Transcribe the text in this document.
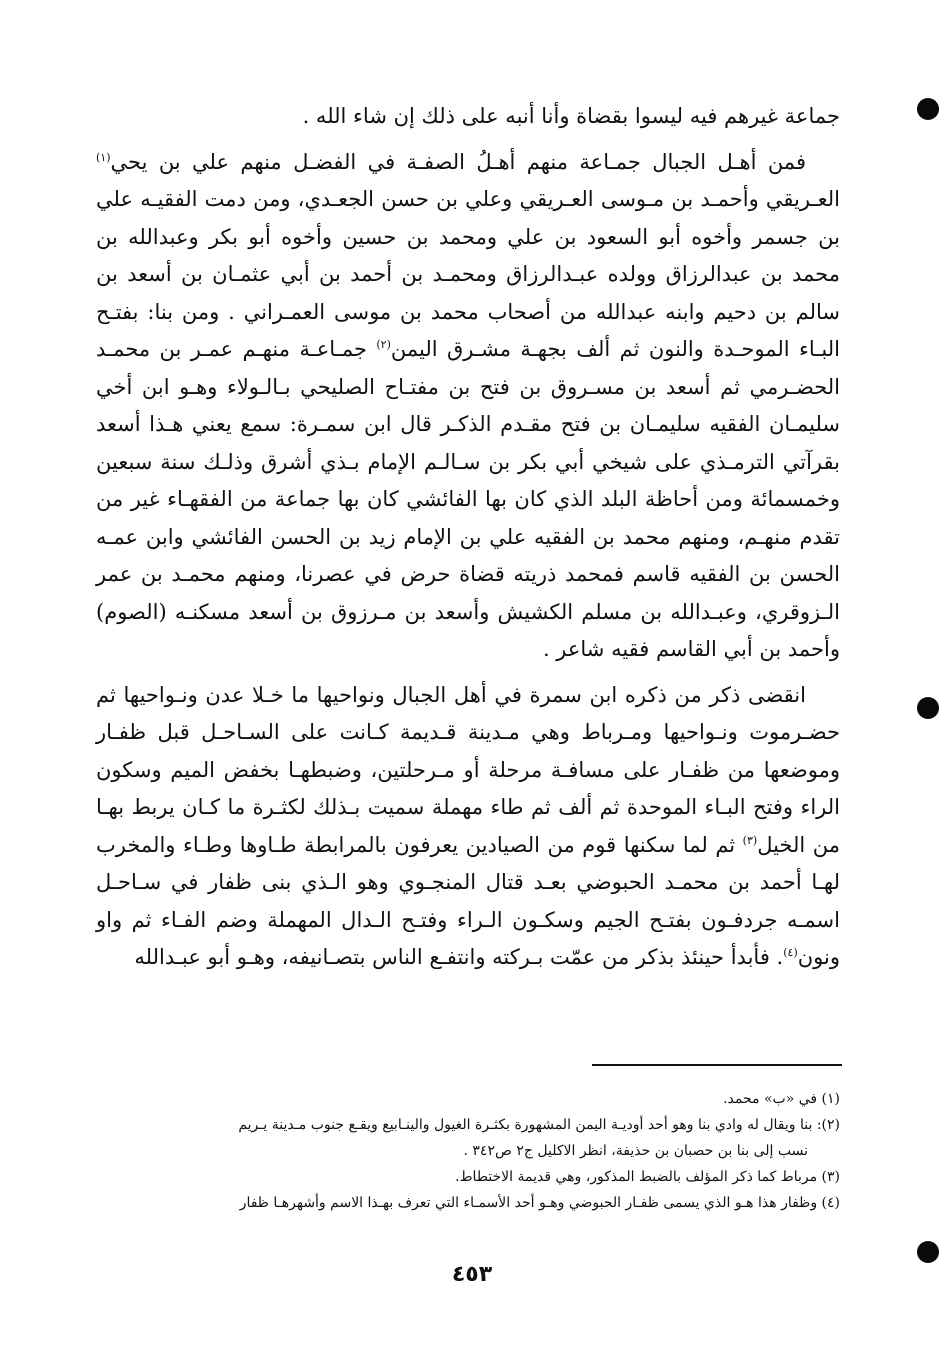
جماعة غيرهم فيه ليسوا بقضاة وأنا أنبه على ذلك إن شاء الله .

فمن أهـل الجبال جمـاعة منهم أهـلُ الصفـة في الفضـل منهم علي بن يحي$^{(١)}$ العـريقي وأحمـد بن مـوسى العـريقي وعلي بن حسن الجعـدي، ومن دمت الفقيـه علي بن جسمر وأخوه أبو السعود بن علي ومحمد بن حسين وأخوه أبو بكر وعبدالله بن محمد بن عبدالرزاق وولده عبـدالرزاق ومحمـد بن أحمد بن أبي عثمـان بن أسعد بن سالم بن دحيم وابنه عبدالله من أصحاب محمد بن موسى العمـراني . ومن بنا: بفتـح البـاء الموحـدة والنون ثم ألف بجهـة مشـرق اليمن$^{(٢)}$ جمـاعـة منهـم عمـر بن محمـد الحضـرمي ثم أسعد بن مسـروق بن فتح بن مفتـاح الصليحي بـالـولاء وهـو ابن أخي سليمـان الفقيه سليمـان بن فتح مقـدم الذكـر قال ابن سمـرة: سمع يعني هـذا أسعد بقرآتي الترمـذي على شيخي أبي بكر بن سـالـم الإمام بـذي أشرق وذلـك سنة سبعين وخمسمائة ومن أحاظة البلد الذي كان بها الفائشي كان بها جماعة من الفقهـاء غير من تقدم منهـم، ومنهم محمد بن الفقيه علي بن الإمام زيد بن الحسن الفائشي وابن عمـه الحسن بن الفقيه قاسم فمحمد ذريته قضاة حرض في عصرنا، ومنهم محمـد بن عمر الـزوقري، وعبـدالله بن مسلم الكشيش وأسعد بن مـرزوق بن أسعد مسكنـه (الصوم) وأحمد بن أبي القاسم فقيه شاعر .

انقضى ذكر من ذكره ابن سمرة في أهل الجبال ونواحيها ما خـلا عدن ونـواحيها ثم حضـرموت ونـواحيها ومـرباط وهي مـدينة قـديمة كـانت على السـاحـل قبل ظفـار وموضعها من ظفـار على مسافـة مرحلة أو مـرحلتين، وضبطهـا بخفض الميم وسكون الراء وفتح البـاء الموحدة ثم ألف ثم طاء مهملة سميت بـذلك لكثـرة ما كـان يربط بهـا من الخيل$^{(٣)}$ ثم لما سكنها قوم من الصيادين يعرفون بالمرابطة طـاوها وطـاء والمخرب لهـا أحمد بن محمـد الحبوضي بعـد قتال المنجـوي وهو الـذي بنى ظفار في سـاحـل اسمـه جردفـون بفتـح الجيم وسكـون الـراء وفتـح الـدال المهملة وضم الفـاء ثم واو ونون$^{(٤)}$. فأبدأ حينئذ بذكر من عمّت بـركته وانتفـع الناس بتصـانيفه، وهـو أبو عبـدالله

(١) في «ب» محمد.

(٢): بنا ويقال له وادي بنا وهو أحد أوديـة اليمن المشهورة بكثـرة الغيول والينـابيع ويقـع جنوب مـدينة يـريم

نسب إلى بنا بن حصبان بن حذيفة، انظر الاكليل ج٢ ص٣٤٢ .

(٣) مرباط كما ذكر المؤلف بالضبط المذكور، وهي قديمة الاختطاط.

(٤) وظفار هذا هـو الذي يسمى ظفـار الحبوضي وهـو أحد الأسمـاء التي تعرف بهـذا الاسم وأشهرهـا ظفار

٤٥٣
